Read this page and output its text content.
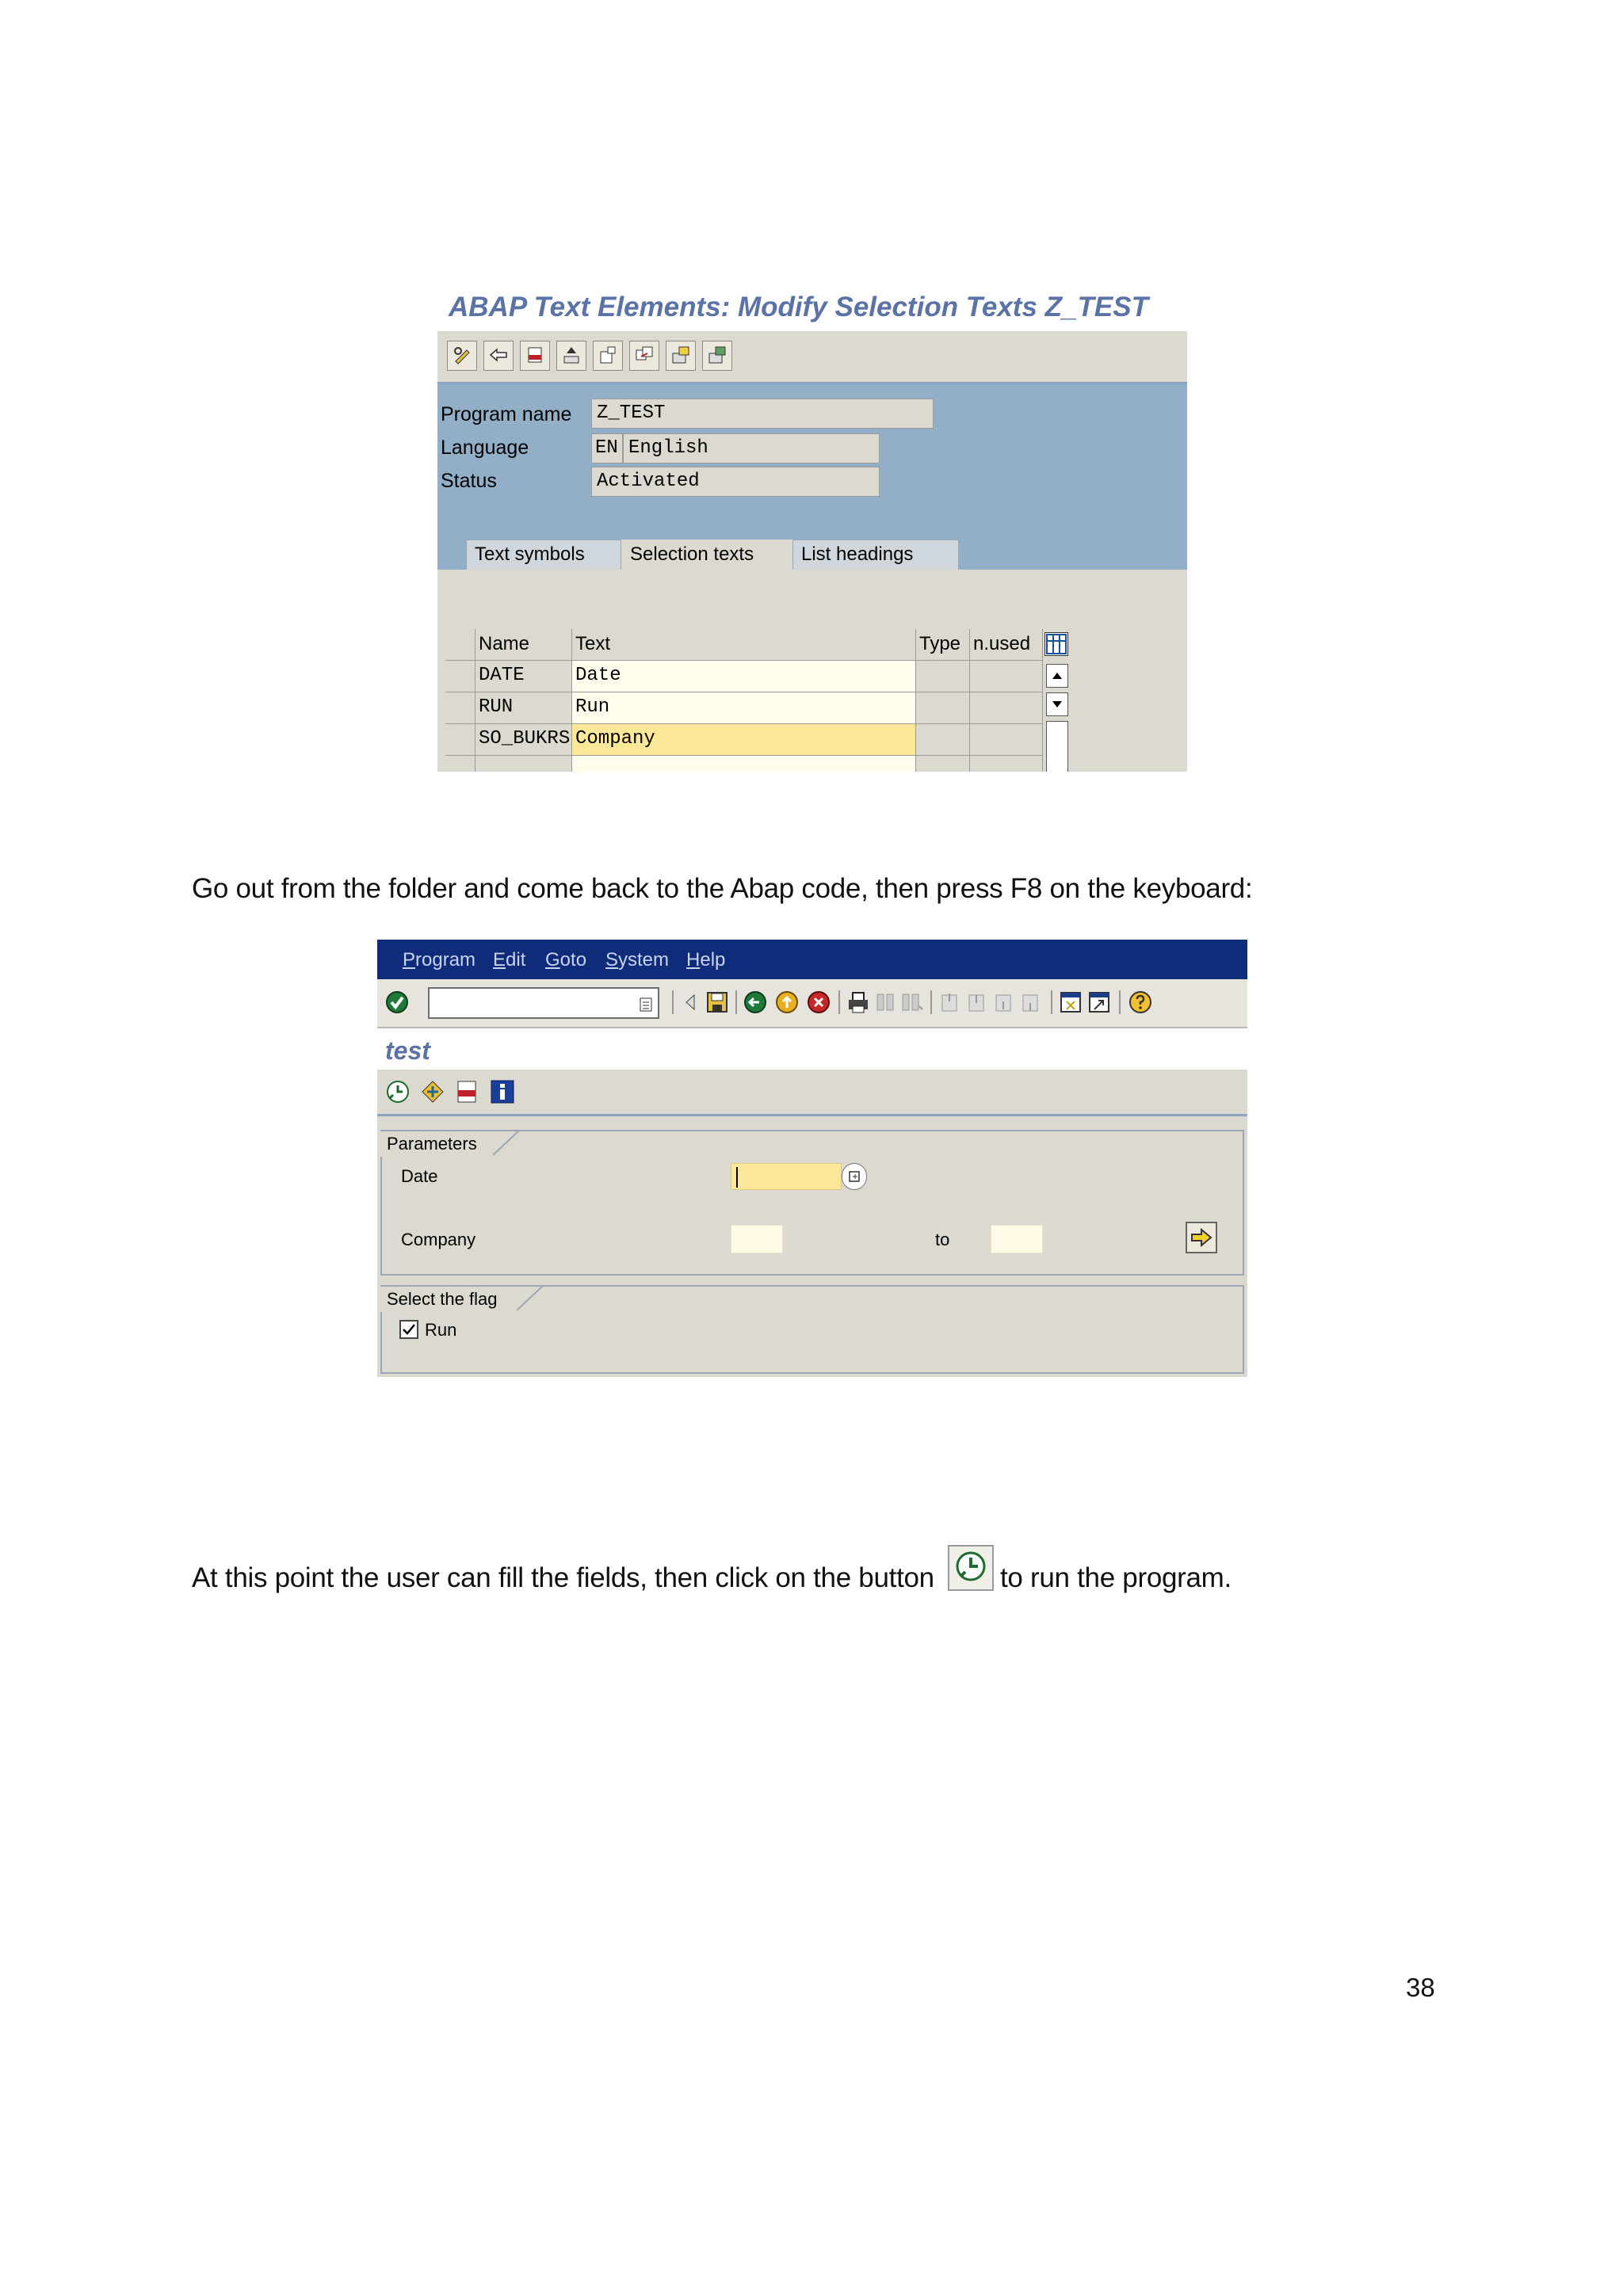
ABAP Text Elements: Modify Selection Texts Z_TEST
Program name Z_TEST
Language	EN English
Status	Activated
Text symbols	Selection texts	List headings
Name	Text	Type n.used
DATE	Date
RUN	Run
SO_BUKRS Company
Go out from the folder and come back to the Abap code, then press F8 on the keyboard:
Program Edit Goto System Help
test
Parameters
Date
Company	to
Select the flag
Run
At this point the user can fill the fields, then click on the button to run the program.
38
